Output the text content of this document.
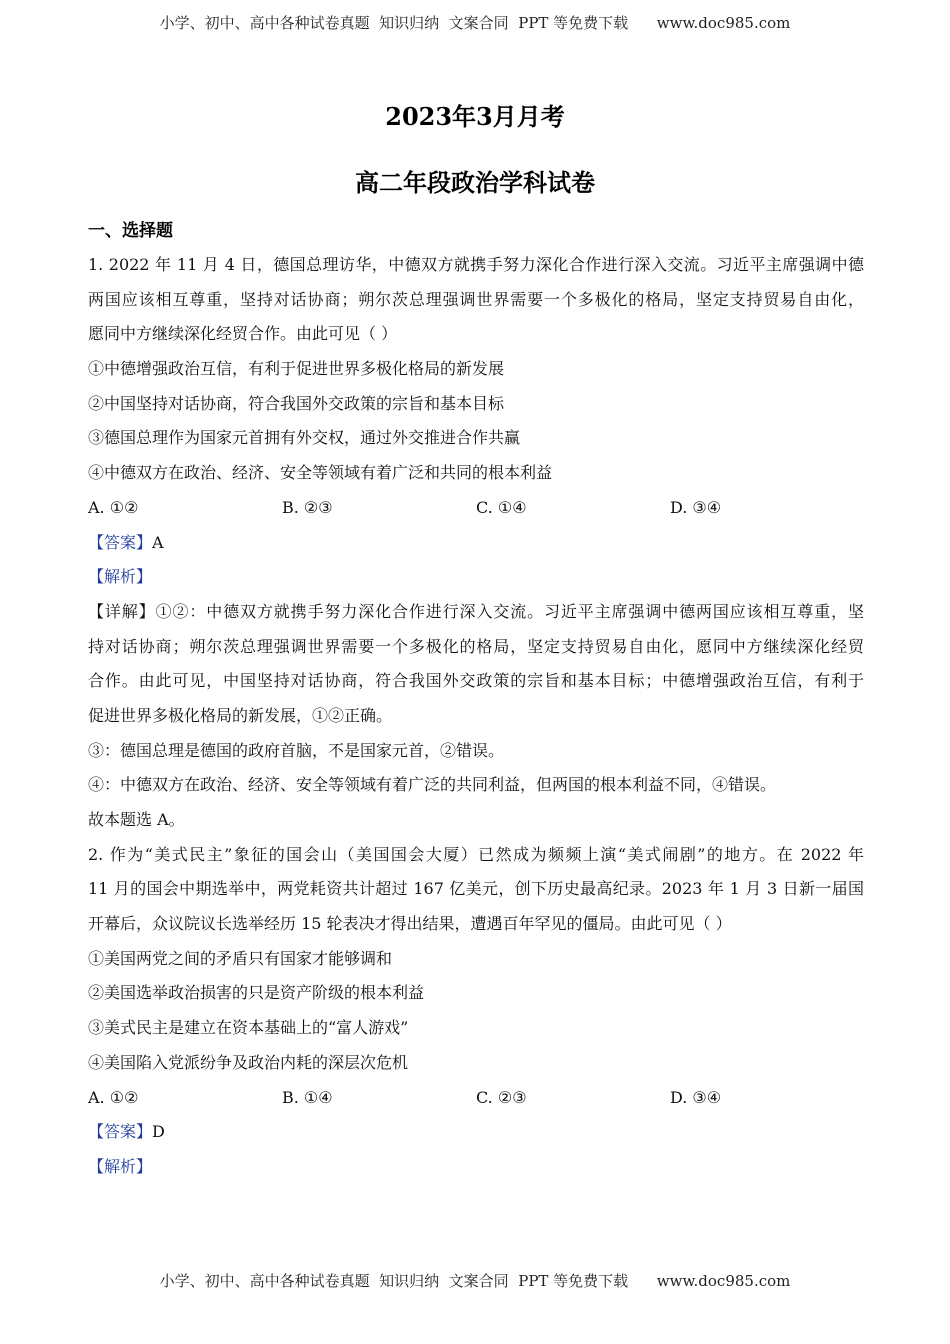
小学、初中、高中各种试卷真题  知识归纳  文案合同  PPT 等免费下载      www.doc985.com
2023年3月月考
高二年段政治学科试卷
一、选择题
1. 2022 年 11 月 4 日，德国总理访华，中德双方就携手努力深化合作进行深入交流。习近平主席强调中德
两国应该相互尊重，坚持对话协商；朔尔茨总理强调世界需要一个多极化的格局，坚定支持贸易自由化，
愿同中方继续深化经贸合作。由此可见（ ）
①中德增强政治互信，有利于促进世界多极化格局的新发展
②中国坚持对话协商，符合我国外交政策的宗旨和基本目标
③德国总理作为国家元首拥有外交权，通过外交推进合作共赢
④中德双方在政治、经济、安全等领域有着广泛和共同的根本利益
A. ①②	B. ②③	C. ①④	D. ③④
【答案】A
【解析】
【详解】①②：中德双方就携手努力深化合作进行深入交流。习近平主席强调中德两国应该相互尊重，坚
持对话协商；朔尔茨总理强调世界需要一个多极化的格局，坚定支持贸易自由化，愿同中方继续深化经贸
合作。由此可见，中国坚持对话协商，符合我国外交政策的宗旨和基本目标；中德增强政治互信，有利于
促进世界多极化格局的新发展，①②正确。
③：德国总理是德国的政府首脑，不是国家元首，②错误。
④：中德双方在政治、经济、安全等领域有着广泛的共同利益，但两国的根本利益不同，④错误。
故本题选 A。
2. 作为“美式民主”象征的国会山（美国国会大厦）已然成为频频上演“美式闹剧”的地方。在 2022 年
11 月的国会中期选举中，两党耗资共计超过 167 亿美元，创下历史最高纪录。2023 年 1 月 3 日新一届国
开幕后，众议院议长选举经历 15 轮表决才得出结果，遭遇百年罕见的僵局。由此可见（ ）
①美国两党之间的矛盾只有国家才能够调和
②美国选举政治损害的只是资产阶级的根本利益
③美式民主是建立在资本基础上的“富人游戏”
④美国陷入党派纷争及政治内耗的深层次危机
A. ①②	B. ①④	C. ②③	D. ③④
【答案】D
【解析】
小学、初中、高中各种试卷真题  知识归纳  文案合同  PPT 等免费下载      www.doc985.com
